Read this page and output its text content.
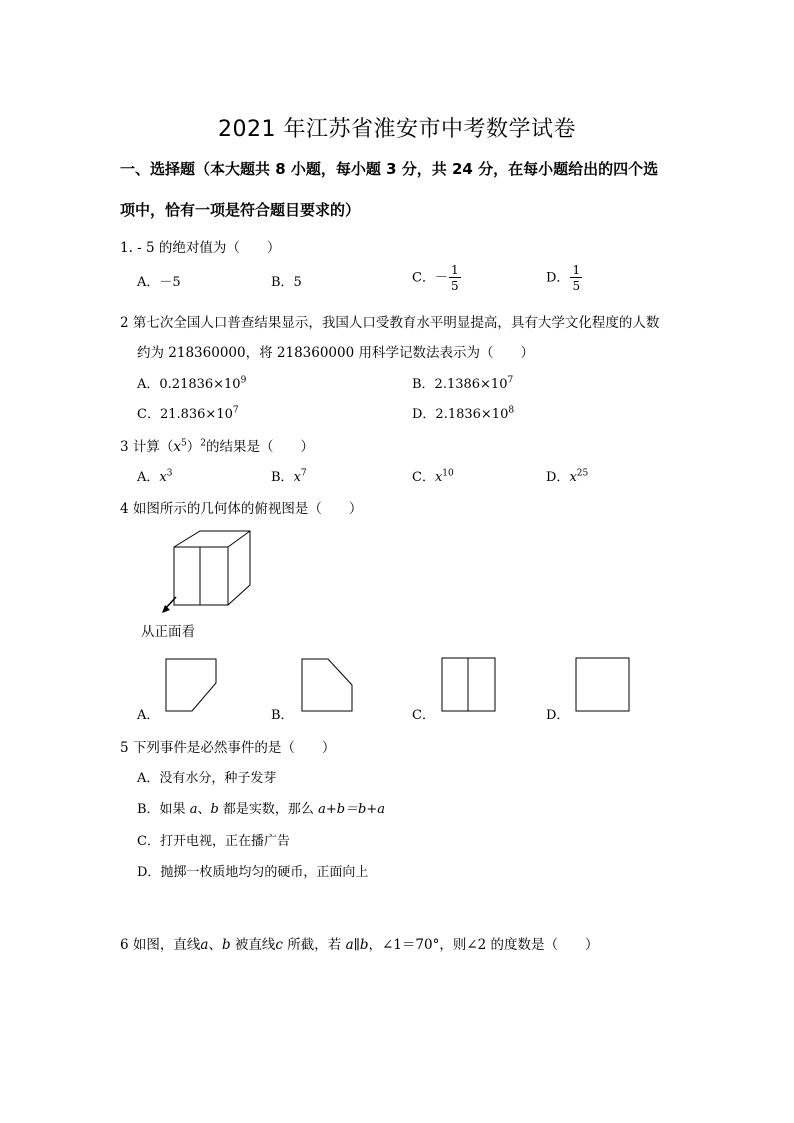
2021 年江苏省淮安市中考数学试卷
一、选择题（本大题共 8 小题，每小题 3 分，共 24 分，在每小题给出的四个选
项中，恰有一项是符合题目要求的）
1. - 5 的绝对值为（　　）
A．－5	B．5	C．－ $\frac{1}{5}$	D． $\frac{1}{5}$
2 第七次全国人口普查结果显示，我国人口受教育水平明显提高，具有大学文化程度的人数
约为 218360000，将 218360000 用科学记数法表示为（　　）
A．$0.21836\times 10^9$	B．$2.1386\times 10^7$
C．$21.836\times 10^7$	D．$2.1836\times 10^8$
3 计算$(x^5)^2$的结果是（　　）
A．$x^3$	B．$x^7$	C．$x^{10}$	D．$x^{25}$
4 如图所示的几何体的俯视图是（　　）
从正面看
A．	B．	C．	D．
5 下列事件是必然事件的是（　　）
A．没有水分，种子发芽
B．如果 a、b 都是实数，那么 a+b＝b+a
C．打开电视，正在播广告
D．抛掷一枚质地均匀的硬币，正面向上
6 如图，直线a、b 被直线c 所截，若 a∥b，∠1＝70°，则∠2 的度数是（　　）
